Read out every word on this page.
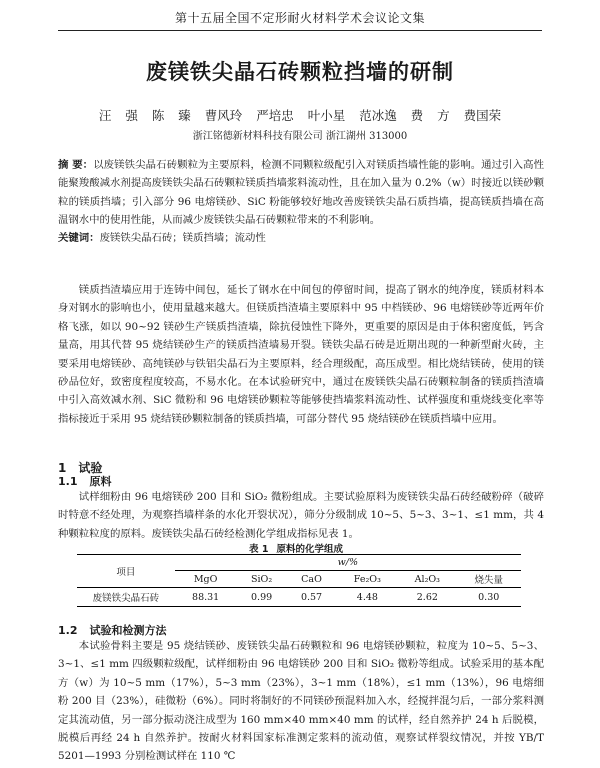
第十五届全国不定形耐火材料学术会议论文集
废镁铁尖晶石砖颗粒挡墙的研制
汪 强 陈 臻 曹风玲 严培忠 叶小星 范冰逸 费 方 费国荣
浙江铭德新材料科技有限公司 浙江湖州 313000

摘 要：以废镁铁尖晶石砖颗粒为主要原料，检测不同颗粒级配引入对镁质挡墙性能的影响。通过引入高性能聚羧酸减水剂提高废镁铁尖晶石砖颗粒镁质挡墙浆料流动性，且在加入量为 0.2%（w）时接近以镁砂颗粒的镁质挡墙；引入部分 96 电熔镁砂、SiC 粉能够较好地改善废镁铁尖晶石质挡墙，提高镁质挡墙在高温钢水中的使用性能，从而减少废镁铁尖晶石砖颗粒带来的不利影响。

关键词：废镁铁尖晶石砖；镁质挡墙；流动性

镁质挡渣墙应用于连铸中间包，延长了钢水在中间包的停留时间，提高了钢水的纯净度，镁质材料本身对钢水的影响也小，使用量越来越大。但镁质挡渣墙主要原料中 95 中档镁砂、96 电熔镁砂等近两年价格飞涨，如以 90~92 镁砂生产镁质挡渣墙，除抗侵蚀性下降外，更重要的原因是由于体积密度低，钙含量高，用其代替 95 烧结镁砂生产的镁质挡渣墙易开裂。镁铁尖晶石砖是近期出现的一种新型耐火砖，主要采用电熔镁砂、高纯镁砂与铁铝尖晶石为主要原料，经合理级配，高压成型。相比烧结镁砖，使用的镁砂品位好，致密度程度较高，不易水化。在本试验研究中，通过在废镁铁尖晶石砖颗粒制备的镁质挡渣墙中引入高效减水剂、SiC 微粉和 96 电熔镁砂颗粒等能够使挡墙浆料流动性、试样强度和重烧线变化率等指标接近于采用 95 烧结镁砂颗粒制备的镁质挡墙，可部分替代 95 烧结镁砂在镁质挡墙中应用。

1 试验
1.1 原料

试样细粉由 96 电熔镁砂 200 目和 SiO₂ 微粉组成。主要试验原料为废镁铁尖晶石砖经破粉碎（破碎时特意不经处理，为观察挡墙样条的水化开裂状况），筛分分级制成 10~5、5~3、3~1、≤1 mm，共 4 种颗粒粒度的原料。废镁铁尖晶石砖经检测化学组成指标见表 1。

表 1 原料的化学组成
项目	w/%					
	MgO	SiO₂	CaO	Fe₂O₃	Al₂O₃	烧失量
废镁铁尖晶石砖	88.31	0.99	0.57	4.48	2.62	0.30
1.2 试验和检测方法

本试验骨料主要是 95 烧结镁砂、废镁铁尖晶石砖颗粒和 96 电熔镁砂颗粒，粒度为 10~5、5~3、3~1、≤1 mm 四级颗粒级配，试样细粉由 96 电熔镁砂 200 目和 SiO₂ 微粉等组成。试验采用的基本配方（w）为 10~5 mm（17%），5~3 mm（23%），3~1 mm（18%），≤1 mm（13%），96 电熔细粉 200 目（23%），硅微粉（6%）。同时将制好的不同镁砂预混料加入水，经搅拌混匀后，一部分浆料测定其流动值，另一部分振动浇注成型为 160 mm×40 mm×40 mm 的试样，经自然养护 24 h 后脱模，脱模后再经 24 h 自然养护。按耐火材料国家标准测定浆料的流动值，观察试样裂纹情况，并按 YB/T 5201—1993 分别检测试样在 110 ℃
